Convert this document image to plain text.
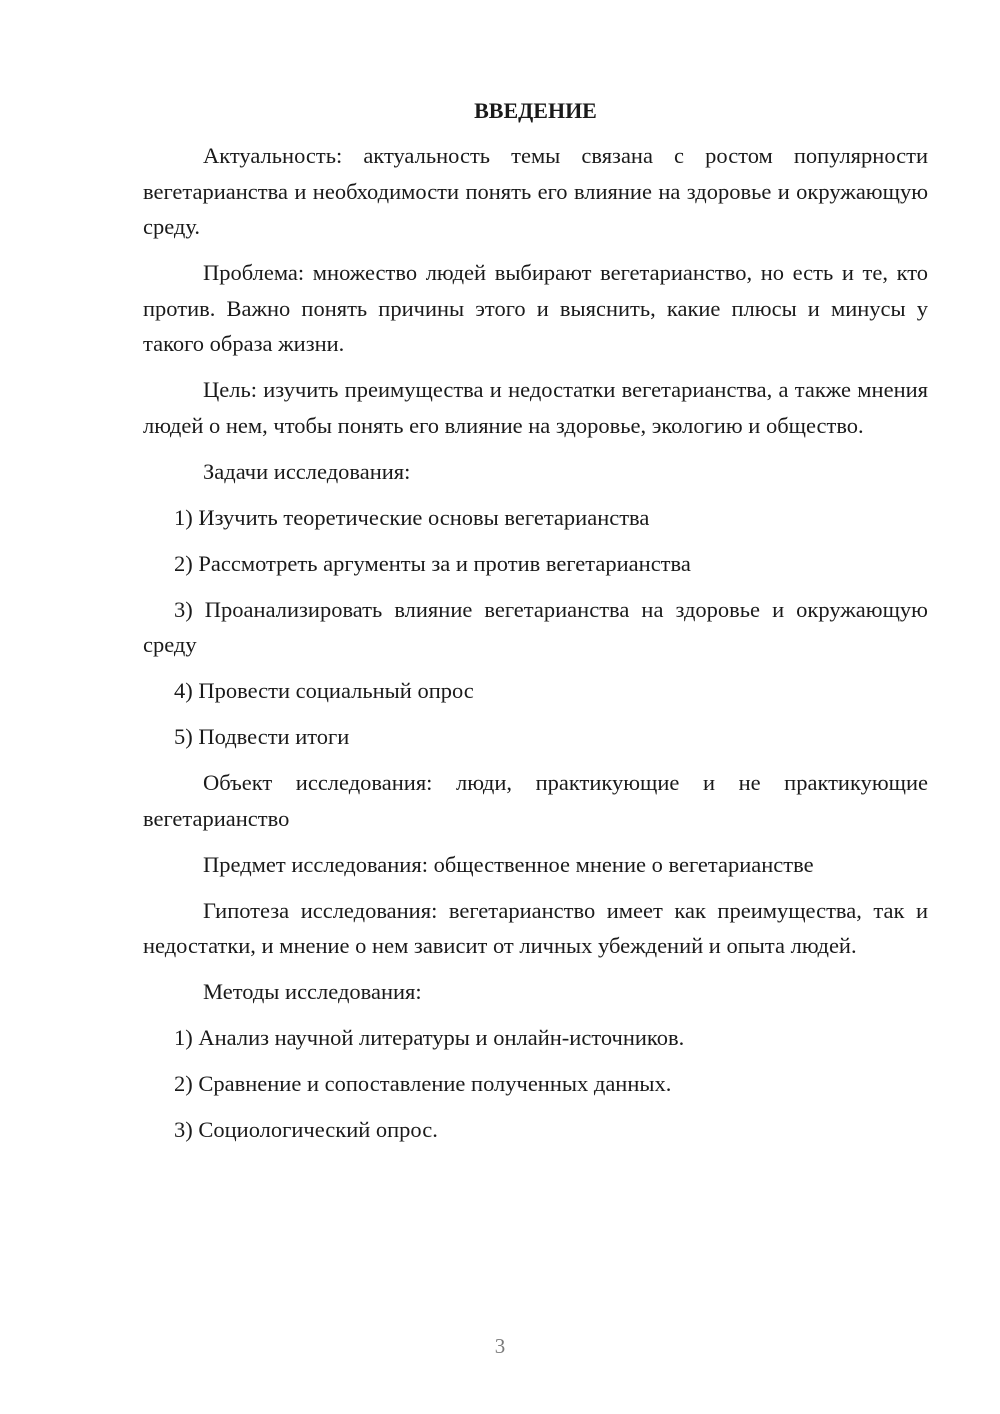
ВВЕДЕНИЕ

Актуальность: актуальность темы связана с ростом популярности вегетарианства и необходимости понять его влияние на здоровье и окружающую среду.

Проблема: множество людей выбирают вегетарианство, но есть и те, кто против. Важно понять причины этого и выяснить, какие плюсы и минусы у такого образа жизни.

Цель: изучить преимущества и недостатки вегетарианства, а также мнения людей о нем, чтобы понять его влияние на здоровье, экологию и общество.

Задачи исследования:

1) Изучить теоретические основы вегетарианства

2) Рассмотреть аргументы за и против вегетарианства

3) Проанализировать влияние вегетарианства на здоровье и окружающую среду

4) Провести социальный опрос

5) Подвести итоги

Объект исследования: люди, практикующие и не практикующие вегетарианство

Предмет исследования: общественное мнение о вегетарианстве

Гипотеза исследования: вегетарианство имеет как преимущества, так и недостатки, и мнение о нем зависит от личных убеждений и опыта людей.

Методы исследования:

1) Анализ научной литературы и онлайн-источников.

2) Сравнение и сопоставление полученных данных.

3) Социологический опрос.

3
